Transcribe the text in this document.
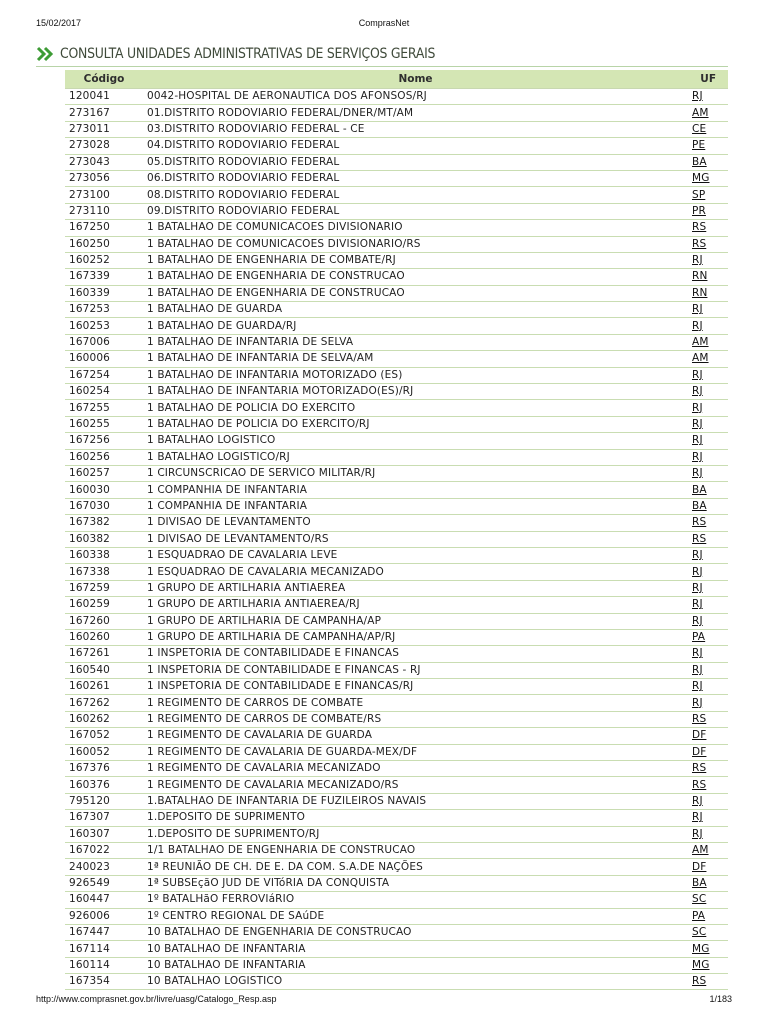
15/02/2017	ComprasNet
CONSULTA UNIDADES ADMINISTRATIVAS DE SERVIÇOS GERAIS
Código	Nome	UF
120041	0042-HOSPITAL DE AERONAUTICA DOS AFONSOS/RJ	RJ
273167	01.DISTRITO RODOVIARIO FEDERAL/DNER/MT/AM	AM
273011	03.DISTRITO RODOVIARIO FEDERAL - CE	CE
273028	04.DISTRITO RODOVIARIO FEDERAL	PE
273043	05.DISTRITO RODOVIARIO FEDERAL	BA
273056	06.DISTRITO RODOVIARIO FEDERAL	MG
273100	08.DISTRITO RODOVIARIO FEDERAL	SP
273110	09.DISTRITO RODOVIARIO FEDERAL	PR
167250	1 BATALHAO DE COMUNICACOES DIVISIONARIO	RS
160250	1 BATALHAO DE COMUNICACOES DIVISIONARIO/RS	RS
160252	1 BATALHAO DE ENGENHARIA DE COMBATE/RJ	RJ
167339	1 BATALHAO DE ENGENHARIA DE CONSTRUCAO	RN
160339	1 BATALHAO DE ENGENHARIA DE CONSTRUCAO	RN
167253	1 BATALHAO DE GUARDA	RJ
160253	1 BATALHAO DE GUARDA/RJ	RJ
167006	1 BATALHAO DE INFANTARIA DE SELVA	AM
160006	1 BATALHAO DE INFANTARIA DE SELVA/AM	AM
167254	1 BATALHAO DE INFANTARIA MOTORIZADO (ES)	RJ
160254	1 BATALHAO DE INFANTARIA MOTORIZADO(ES)/RJ	RJ
167255	1 BATALHAO DE POLICIA DO EXERCITO	RJ
160255	1 BATALHAO DE POLICIA DO EXERCITO/RJ	RJ
167256	1 BATALHAO LOGISTICO	RJ
160256	1 BATALHAO LOGISTICO/RJ	RJ
160257	1 CIRCUNSCRICAO DE SERVICO MILITAR/RJ	RJ
160030	1 COMPANHIA DE INFANTARIA	BA
167030	1 COMPANHIA DE INFANTARIA	BA
167382	1 DIVISAO DE LEVANTAMENTO	RS
160382	1 DIVISAO DE LEVANTAMENTO/RS	RS
160338	1 ESQUADRAO DE CAVALARIA LEVE	RJ
167338	1 ESQUADRAO DE CAVALARIA MECANIZADO	RJ
167259	1 GRUPO DE ARTILHARIA ANTIAEREA	RJ
160259	1 GRUPO DE ARTILHARIA ANTIAEREA/RJ	RJ
167260	1 GRUPO DE ARTILHARIA DE CAMPANHA/AP	RJ
160260	1 GRUPO DE ARTILHARIA DE CAMPANHA/AP/RJ	PA
167261	1 INSPETORIA DE CONTABILIDADE E FINANCAS	RJ
160540	1 INSPETORIA DE CONTABILIDADE E FINANCAS - RJ	RJ
160261	1 INSPETORIA DE CONTABILIDADE E FINANCAS/RJ	RJ
167262	1 REGIMENTO DE CARROS DE COMBATE	RJ
160262	1 REGIMENTO DE CARROS DE COMBATE/RS	RS
167052	1 REGIMENTO DE CAVALARIA DE GUARDA	DF
160052	1 REGIMENTO DE CAVALARIA DE GUARDA-MEX/DF	DF
167376	1 REGIMENTO DE CAVALARIA MECANIZADO	RS
160376	1 REGIMENTO DE CAVALARIA MECANIZADO/RS	RS
795120	1.BATALHAO DE INFANTARIA DE FUZILEIROS NAVAIS	RJ
167307	1.DEPOSITO DE SUPRIMENTO	RJ
160307	1.DEPOSITO DE SUPRIMENTO/RJ	RJ
167022	1/1 BATALHAO DE ENGENHARIA DE CONSTRUCAO	AM
240023	1ª REUNIÃO DE CH. DE E. DA COM. S.A.DE NAÇÕES	DF
926549	1ª SUBSEçãO JUD DE VITóRIA DA CONQUISTA	BA
160447	1º BATALHãO FERROVIáRIO	SC
926006	1º CENTRO REGIONAL DE SAúDE	PA
167447	10 BATALHAO DE ENGENHARIA DE CONSTRUCAO	SC
167114	10 BATALHAO DE INFANTARIA	MG
160114	10 BATALHAO DE INFANTARIA	MG
167354	10 BATALHAO LOGISTICO	RS
http://www.comprasnet.gov.br/livre/uasg/Catalogo_Resp.asp	1/183
